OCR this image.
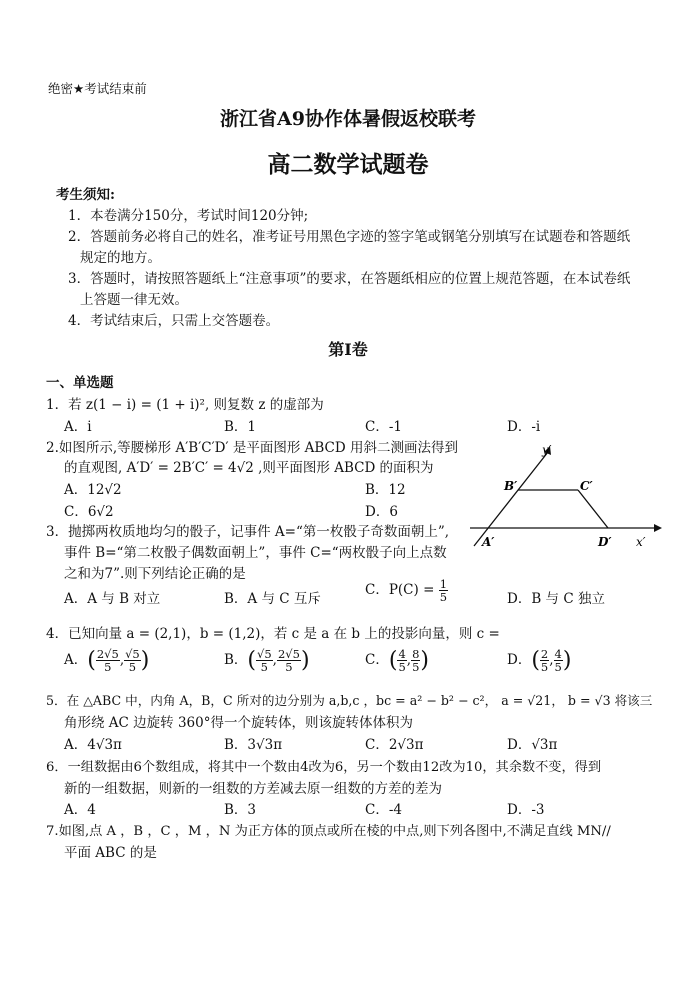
绝密★考试结束前
浙江省A9协作体暑假返校联考
高二数学试题卷
考生须知:
1．本卷满分150分，考试时间120分钟;
2．答题前务必将自己的姓名，准考证号用黑色字迹的签字笔或钢笔分别填写在试题卷和答题纸
规定的地方。
3．答题时，请按照答题纸上“注意事项”的要求，在答题纸相应的位置上规范答题，在本试卷纸
上答题一律无效。
4．考试结束后，只需上交答题卷。
第Ⅰ卷
一、单选题
1．若 z(1 − i) = (1 + i)², 则复数 z 的虚部为
A．i	B．1	C．-1	D．-i
2.如图所示,等腰梯形 A′B′C′D′ 是平面图形 ABCD 用斜二测画法得到
的直观图, A′D′ = 2B′C′ = 4√2 ,则平面图形 ABCD 的面积为
A．12√2	B．12
C．6√2	D．6
y′
x′
A′
B′	C′
D′
3．抛掷两枚质地均匀的骰子，记事件 A=“第一枚骰子奇数面朝上”,
事件 B=“第二枚骰子偶数面朝上”，事件 C=“两枚骰子向上点数
之和为7”.则下列结论正确的是
A．A 与 B 对立	B．A 与 C 互斥
C．$P(C) = \frac{1}{5}$	D．B 与 C 独立
4．已知向量 a = (2,1)，b = (1,2)，若 c 是 a 在 b 上的投影向量，则 c =
A．( $\frac{2√5}{5}$ , $\frac{√5}{5}$ )	B．( $\frac{√5}{5}$ , $\frac{2√5}{5}$ )	C．( $\frac{4}{5}$ , $\frac{8}{5}$ )	D．( $\frac{2}{5}$ , $\frac{4}{5}$ )
5．在 △ABC 中，内角 A，B，C 所对的边分别为 a,b,c ，bc = a² − b² − c²， a = √21， b = √3 将该三
角形绕 AC 边旋转 360°得一个旋转体，则该旋转体体积为
A．4√3π	B．3√3π	C．2√3π	D．√3π
6．一组数据由6个数组成，将其中一个数由4改为6，另一个数由12改为10，其余数不变，得到
新的一组数据，则新的一组数的方差减去原一组数的方差的差为
A．4	B．3	C．-4	D．-3
7.如图,点 A ，B ，C ，M ，N 为正方体的顶点或所在棱的中点,则下列各图中,不满足直线 MN//
平面 ABC 的是
